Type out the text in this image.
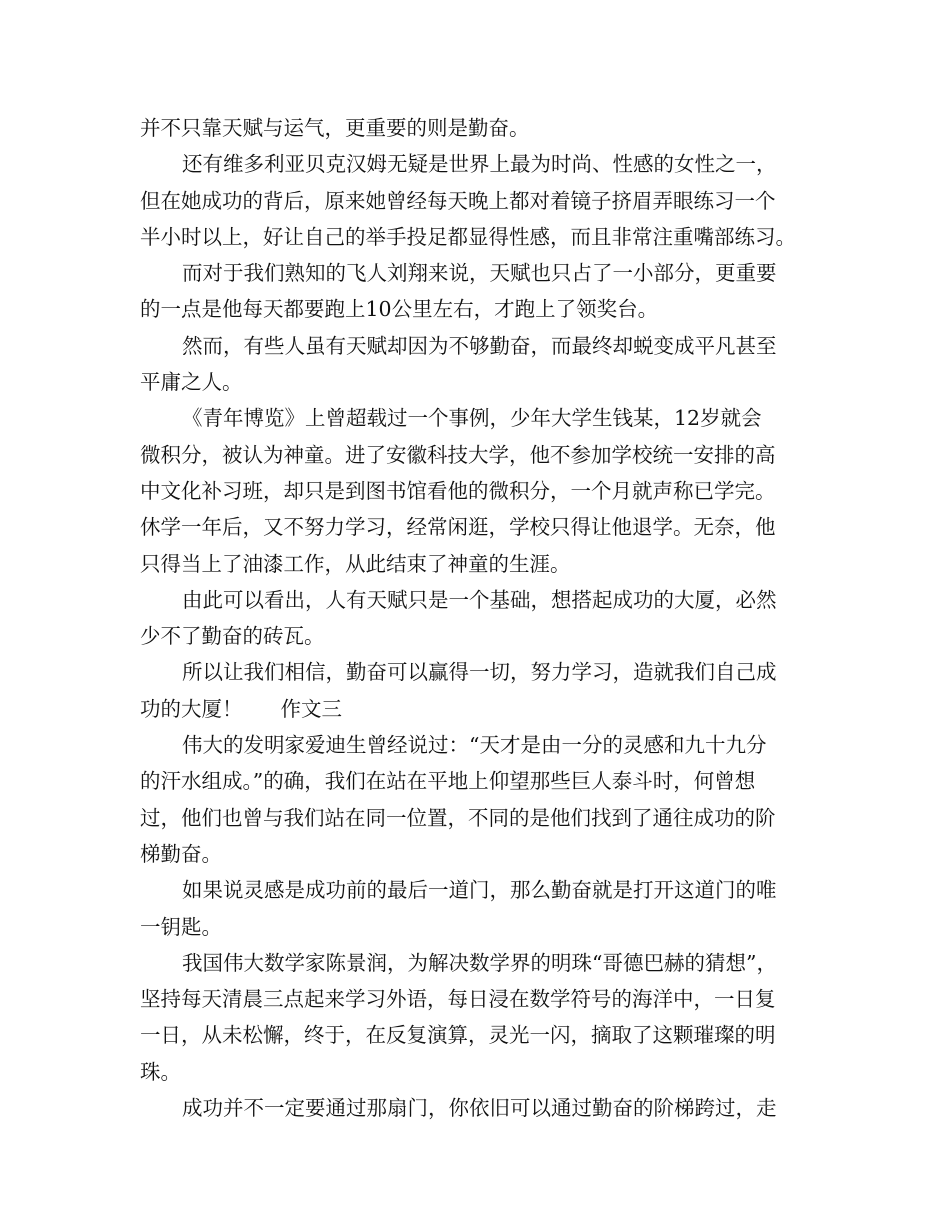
并不只靠天赋与运气，更重要的则是勤奋。
还有维多利亚贝克汉姆无疑是世界上最为时尚、性感的女性之一，
但在她成功的背后，原来她曾经每天晚上都对着镜子挤眉弄眼练习一个
半小时以上，好让自己的举手投足都显得性感，而且非常注重嘴部练习。
而对于我们熟知的飞人刘翔来说，天赋也只占了一小部分，更重要
的一点是他每天都要跑上10公里左右，才跑上了领奖台。
然而，有些人虽有天赋却因为不够勤奋，而最终却蜕变成平凡甚至
平庸之人。
《青年博览》上曾超载过一个事例，少年大学生钱某，12岁就会
微积分，被认为神童。进了安徽科技大学，他不参加学校统一安排的高
中文化补习班，却只是到图书馆看他的微积分，一个月就声称已学完。
休学一年后，又不努力学习，经常闲逛，学校只得让他退学。无奈，他
只得当上了油漆工作，从此结束了神童的生涯。
由此可以看出，人有天赋只是一个基础，想搭起成功的大厦，必然
少不了勤奋的砖瓦。
所以让我们相信，勤奋可以赢得一切，努力学习，造就我们自己成
功的大厦！ 作文三
伟大的发明家爱迪生曾经说过：“天才是由一分的灵感和九十九分
的汗水组成。”的确，我们在站在平地上仰望那些巨人泰斗时，何曾想
过，他们也曾与我们站在同一位置，不同的是他们找到了通往成功的阶
梯勤奋。
如果说灵感是成功前的最后一道门，那么勤奋就是打开这道门的唯
一钥匙。
我国伟大数学家陈景润，为解决数学界的明珠“哥德巴赫的猜想”，
坚持每天清晨三点起来学习外语，每日浸在数学符号的海洋中，一日复
一日，从未松懈，终于，在反复演算，灵光一闪，摘取了这颗璀璨的明
珠。
成功并不一定要通过那扇门，你依旧可以通过勤奋的阶梯跨过，走
